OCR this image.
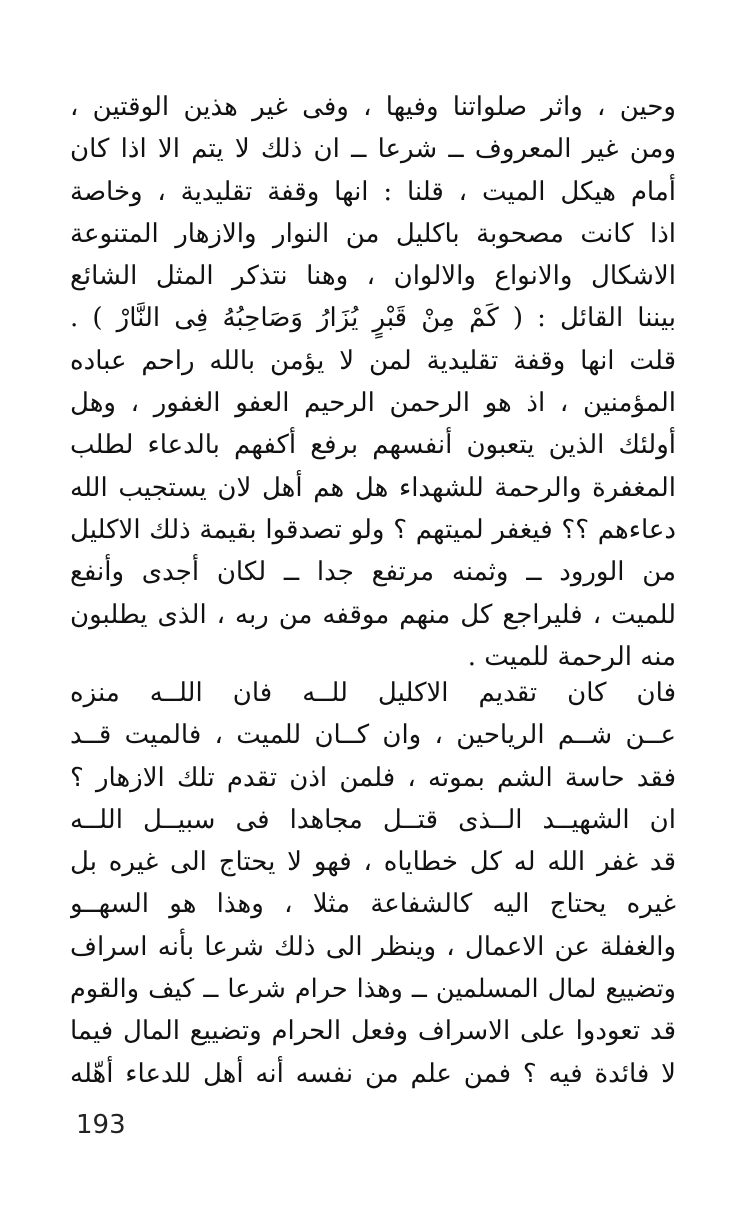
وحين ، واثر صلواتنا وفيها ، وفى غير هذين الوقتين ،
ومن غير المعروف ــ شرعا ــ ان ذلك لا يتم الا اذا كان
أمام هيكل الميت ، قلنا : انها وقفة تقليدية ، وخاصة
اذا كانت مصحوبة باكليل من النوار والازهار المتنوعة
الاشكال والانواع والالوان ، وهنا نتذكر المثل الشائع
بيننا القائل : ( كَمْ مِنْ قَبْرٍ يُزَارُ وَصَاحِبُهُ فِى النَّارْ ) .
قلت انها وقفة تقليدية لمن لا يؤمن بالله راحم عباده
المؤمنين ، اذ هو الرحمن الرحيم العفو الغفور ، وهل
أولئك الذين يتعبون أنفسهم برفع أكفهم بالدعاء لطلب
المغفرة والرحمة للشهداء هل هم أهل لان يستجيب الله
دعاءهم ؟؟ فيغفر لميتهم ؟ ولو تصدقوا بقيمة ذلك الاكليل
من الورود ــ وثمنه مرتفع جدا ــ لكان أجدى وأنفع
للميت ، فليراجع كل منهم موقفه من ربه ، الذى يطلبون
منه الرحمة للميت .
فان كان تقديم الاكليل للــه فان اللــه منزه
عــن شــم الرياحين ، وان كــان للميت ، فالميت قــد
فقد حاسة الشم بموته ، فلمن اذن تقدم تلك الازهار ؟
ان الشهيــد الــذى قتــل مجاهدا فى سبيــل اللــه
قد غفر الله له كل خطاياه ، فهو لا يحتاج الى غيره بل
غيره يحتاج اليه كالشفاعة مثلا ، وهذا هو السهــو
والغفلة عن الاعمال ، وينظر الى ذلك شرعا بأنه اسراف
وتضييع لمال المسلمين ــ وهذا حرام شرعا ــ كيف والقوم
قد تعودوا على الاسراف وفعل الحرام وتضييع المال فيما
لا فائدة فيه ؟ فمن علم من نفسه أنه أهل للدعاء أهّله
193
